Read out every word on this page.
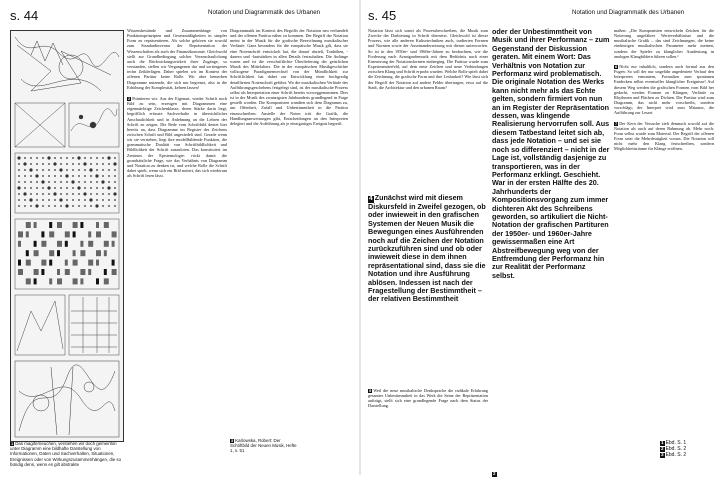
s. 44	Notation und Diagrammatik des Urbanen
1 Das magiferneuchen, verstehen wir doch gemeinhin unter Diagramm eine bildhafte Darstellung von Informationen, Daten und Sachverhalten, Situationen, Ereignissen oder von Wirkungszusammenhängen, die so bündig denn, wenn es gilt abstrakte

Wissensbestände und Zusammenhänge von Punktionsprinzipien und Gesetzmäßigkeiten in simpler Form zu repräsentieren. Als solche gehören sie sowohl zum Standardinventar der Repräsentation der Wissenschaften als auch der Finanzökonomie. Gleichwohl stellt zur Grundbedingung solcher Veranschaulichung auch die Rückwirkungswirkeit ihrer Zugänge, so verstanden, stellen wir Vergangenen dar und sortiergenes techn Zeiklerlägen. Daher spielen wir im Kontext der offenen Partitur keine Rolle. Wir aber bemerken Diagramme nutzende, die sich nur begrenzt, also in die Erhöhung der Komplexität, kehren lassen!

2 Pointieren wir: Aus der Eigenart, wieder Schrift noch Bild zu sein, erzeugen mit Diagrammen eine eigenmächtige Zeichenklasse, deren Stärke darin liegt, begrifflich erfasste Sachverhalte in übersichtlicher Anschaulichkeit und in Anlehnung an die Lehren der Schrift zu zeigen. Die Rede vom Schriftbild deutet hier bereits an, dass Diagramme im Register des Zeichens zwischen Schrift und Bild angesiedelt sind. Gerade wenn wir sie verstehen, liegt ihre modellbildende Funktion, die grammatische Dualität von Schriftbildlichkeit und Bildlichkeit der Schrift auszuloten. Das konstituiert im Zentrum der Epistemologie: rückt damit die grundsätzliche Frage, wie das Verhältnis von Diagramm und Notation zu denken ist, und welche Rolle die Schrift dabei spielt, wenn sich ein Bild notiert, das sich wiederum als Schrift lesen lässt.

Diagrammatik im Kontext des Begriffs der Notation neu verhandelt und der offenen Partitur näher zu kommen. Der Begriff der Notation meint in der Musik für die grafische Bezeichnung musikalischer Verläufe. Ganz besonders für die europäische Musik gilt, dass sie eine Notenschrift entwickelt hat, die darauf abzielt, Tonhöhen, -dauern und -lautstärken in allen Details festzuhalten. Die Anfänge waren und ist die verschriftlichte Überlieferung der geistlichen Musik des Mittelalters. Die in der europäischen Musikgeschichte vollzogene Paradigmenwechsel von der Mündlichkeit zur Schriftlichkeit hat dabei zur Entwicklung einer hochgradig detaillierten Notenschrift geführt. Wo die musikalischen Verläufe des Aufführungsgeschehens festgelegt sind, ist der musikalische Prozess selbst als Interpretation einer Schrift bereits vorweggenommen. Dies ist in der Musik des zwanzigsten Jahrhunderts grundlegend in Frage gestellt worden. Die Komponisten wandten sich dem Diagramm zu, um Offenheit, Zufall und Unbestimmtheit in die Partitur einzuschreiben. Anstelle der Noten tritt die Grafik, die Handlungsanweisungen gibt, Entscheidungen an den Interpreten delegiert und die Aufführung als je einzigartiges Ereignis begreift.

3 Karlowska, Robert: Der Schriftbild der Neuen Musik, Hefte 1, s. 51
s. 45	Notation und Diagrammatik des Urbanen

Notation lässt sich somit als Prozessbeschreiben, die Musik zum Zwecke der Darbietung in Schrift übersetzt. Gleichwohl ist dieser Prozess, wie alle anderen Kulturtechniken auch, tradierten Formen und Normen sowie der Auseinandersetzung mit diesen unterworfen. So ist in den 1950er- und 1960er-Jahren zu beobachten, wie die Forderung nach Avantgardemusik mit dem Bedürfnis nach einer Erneuerung der Notationsformen einherging. Die Partitur wurde zum Experimentierfeld, auf dem neue Zeichen und neue Verbindungen zwischen Klang und Schrift erprobt wurden. Welche Rolle spielt dabei die Zeichnung, die grafische Form und ihre Lesbarkeit? Wie lässt sich der Begriff der Notation auf andere Felder übertragen, etwa auf die Stadt, die Architektur und den urbanen Raum?

4 Zunächst wird mit diesem Diskursfeld in Zweifel gezogen, ob oder inwieweit in den grafischen Systemen der Neuen Musik die Bewegungen eines Ausführenden noch auf die Zeichen der Notation zurückzuführen sind und ob oder inwieweit diese in dem ihnen repräsentational sind, dass sie die Notation und ihre Ausführung ablösen. Indessen ist nach der Fragestellung der Bestimmtheit – der relativen Bestimmtheit

5 Weil die neue musikalische Denksprache die radikale Erfahrung gesamter Unbestimmtheit in das Werk die Seine der Repräsentation aufträgt, stellt sich eine grundlegende Frage nach dem Status der Darstellung.

oder der Unbestimmtheit von Musik und ihrer Performanz – zum Gegenstand der Diskussion geraten. Mit einem Wort: Das Verhältnis von Notation zur Performanz wird problematisch. Die originale Notation des Werks kann nicht mehr als das Echte gelten, sondern firmiert von nun an im Register der Repräsentation dessen, was klingende Realisierung hervorrufen soll. Aus diesem Tatbestand leitet sich ab, dass jede Notation – und sei sie noch so differenziert – nicht in der Lage ist, vollständig dasjenige zu transportieren, was in der Performanz erklingt. Geschieht. War in der ersten Hälfte des 20. Jahrhunderts der Kompositionsvorgang zum immer dichteren Akt des Schreibens geworden, so artikuliert die Nicht-Notation der grafischen Partituren der 1950er- und 1960er-Jahre gewissermaßen eine Art Abstreifbewegung weg von der Entfremdung der Performanz hin zur Realität der Performanz selbst.

maßen: „Die Komponisten entwickeln Zeichen für die Notierung ungefährer Werteverhältnisse und die musikalische Grafik – das sind Zeichnungen, die keine eindeutigen musikalischen Parameter mehr meinen, sondern die Spieler zu klanglicher Ausdeutung in analogen Klangbildern führen sollen.“

6 Nicht nur inhaltlich, sondern auch formal aus den Fugen: So soll der nur ungefähr angedeutete Verlauf den Interpreten ermuntern, Formalien zum spontanen Entdecken selbst eventueller klanglicher Ereignisse! Auf diesem Weg werden die grafischen Formen vom Bild her gedacht, werden Formen zu Klängen, Verläufe zu Rhythmen und Flächen zu Dichten. Die Partitur wird zum Diagramm, das nicht mehr vorschreibt, sondern vorschlägt; der Interpret wird zum Mitautor, die Aufführung zur Lesart.

7 Der Kern der Versuche zielt demnach sowohl auf die Notation als auch auf deren Rahmung ab. Mehr noch: Form selbst wurde zum Material. Der Begriff der offenen Form setzt die Mehrdeutigkeit voraus. Die Notation soll nicht mehr den Klang festschreiben, sondern Möglichkeitsräume für Klänge eröffnen.

1 Ebd. S. 1
2 Ebd. S. 2
3 Ebd. S. 2
2
